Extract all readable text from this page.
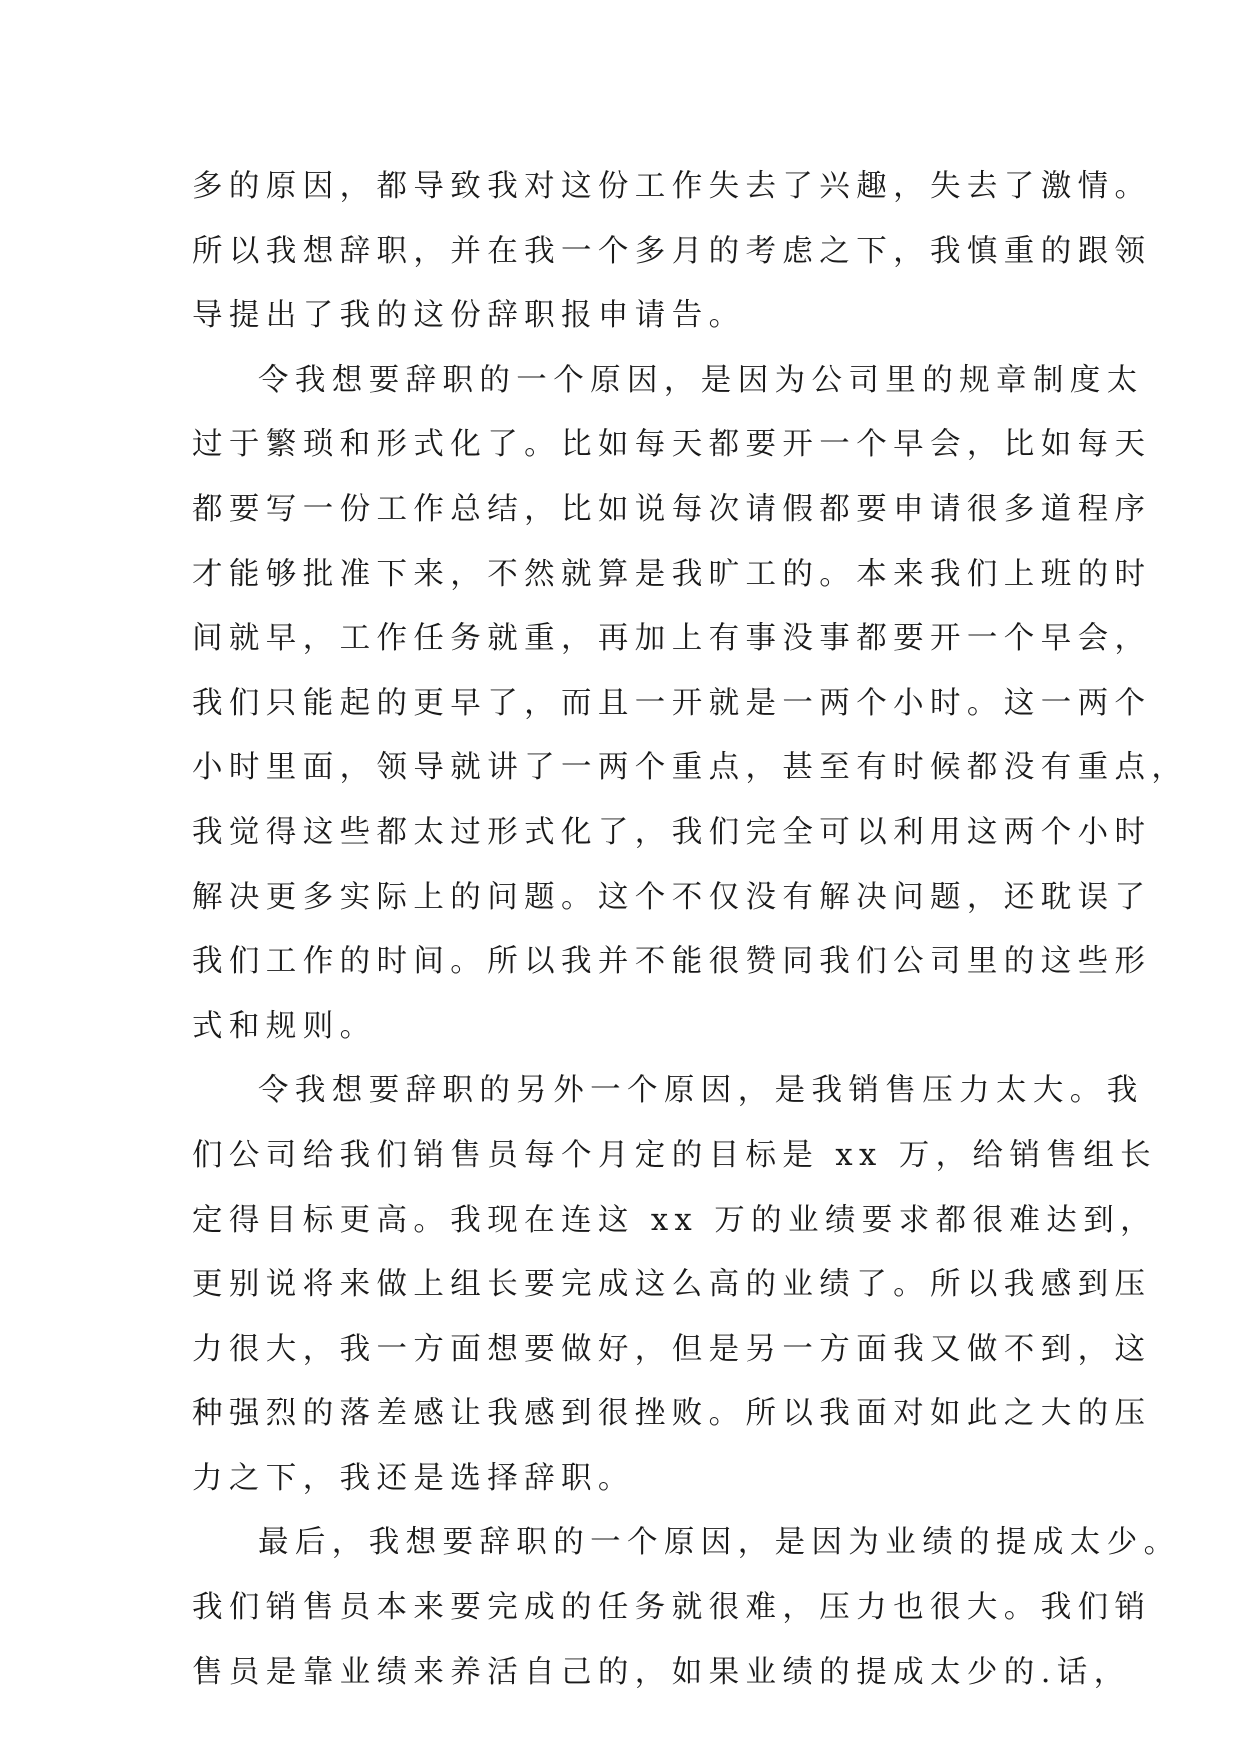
多的原因，都导致我对这份工作失去了兴趣，失去了激情。
所以我想辞职，并在我一个多月的考虑之下，我慎重的跟领
导提出了我的这份辞职报申请告。
令我想要辞职的一个原因，是因为公司里的规章制度太
过于繁琐和形式化了。比如每天都要开一个早会，比如每天
都要写一份工作总结，比如说每次请假都要申请很多道程序
才能够批准下来，不然就算是我旷工的。本来我们上班的时
间就早，工作任务就重，再加上有事没事都要开一个早会，
我们只能起的更早了，而且一开就是一两个小时。这一两个
小时里面，领导就讲了一两个重点，甚至有时候都没有重点，
我觉得这些都太过形式化了，我们完全可以利用这两个小时
解决更多实际上的问题。这个不仅没有解决问题，还耽误了
我们工作的时间。所以我并不能很赞同我们公司里的这些形
式和规则。
令我想要辞职的另外一个原因，是我销售压力太大。我
们公司给我们销售员每个月定的目标是 xx 万，给销售组长
定得目标更高。我现在连这 xx 万的业绩要求都很难达到，
更别说将来做上组长要完成这么高的业绩了。所以我感到压
力很大，我一方面想要做好，但是另一方面我又做不到，这
种强烈的落差感让我感到很挫败。所以我面对如此之大的压
力之下，我还是选择辞职。
最后，我想要辞职的一个原因，是因为业绩的提成太少。
我们销售员本来要完成的任务就很难，压力也很大。我们销
售员是靠业绩来养活自己的，如果业绩的提成太少的.话，
